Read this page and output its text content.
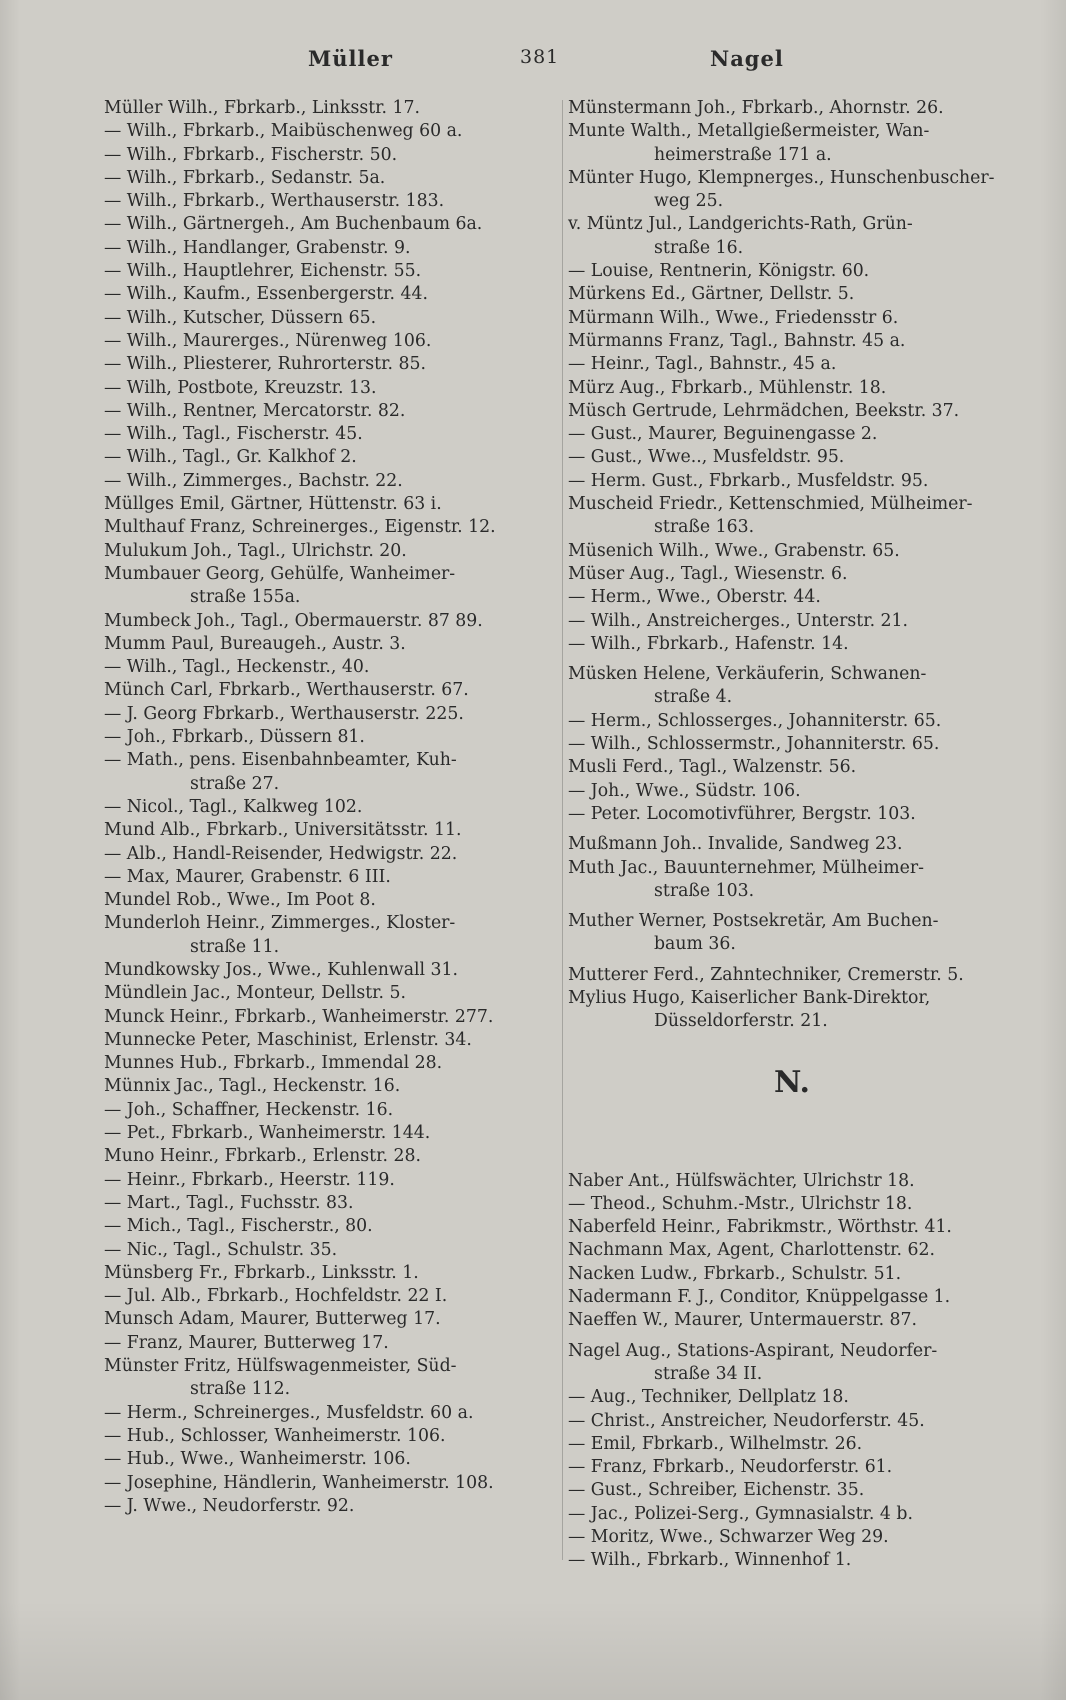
Müller	381	Nagel
Müller Wilh., Fbrkarb., Linksstr. 17.
— Wilh., Fbrkarb., Maibüschenweg 60 a.
— Wilh., Fbrkarb., Fischerstr. 50.
— Wilh., Fbrkarb., Sedanstr. 5a.
— Wilh., Fbrkarb., Werthauserstr. 183.
— Wilh., Gärtnergeh., Am Buchenbaum 6a.
— Wilh., Handlanger, Grabenstr. 9.
— Wilh., Hauptlehrer, Eichenstr. 55.
— Wilh., Kaufm., Essenbergerstr. 44.
— Wilh., Kutscher, Düssern 65.
— Wilh., Maurerges., Nürenweg 106.
— Wilh., Pliesterer, Ruhrorterstr. 85.
— Wilh, Postbote, Kreuzstr. 13.
— Wilh., Rentner, Mercatorstr. 82.
— Wilh., Tagl., Fischerstr. 45.
— Wilh., Tagl., Gr. Kalkhof 2.
— Wilh., Zimmerges., Bachstr. 22.
Müllges Emil, Gärtner, Hüttenstr. 63 i.
Multhauf Franz, Schreinerges., Eigenstr. 12.
Mulukum Joh., Tagl., Ulrichstr. 20.
Mumbauer Georg, Gehülfe, Wanheimer-
straße 155a.
Mumbeck Joh., Tagl., Obermauerstr. 87 89.
Mumm Paul, Bureaugeh., Austr. 3.
— Wilh., Tagl., Heckenstr., 40.
Münch Carl, Fbrkarb., Werthauserstr. 67.
— J. Georg Fbrkarb., Werthauserstr. 225.
— Joh., Fbrkarb., Düssern 81.
— Math., pens. Eisenbahnbeamter, Kuh-
straße 27.
— Nicol., Tagl., Kalkweg 102.
Mund Alb., Fbrkarb., Universitätsstr. 11.
— Alb., Handl-Reisender, Hedwigstr. 22.
— Max, Maurer, Grabenstr. 6 III.
Mundel Rob., Wwe., Im Poot 8.
Munderloh Heinr., Zimmerges., Kloster-
straße 11.
Mundkowsky Jos., Wwe., Kuhlenwall 31.
Mündlein Jac., Monteur, Dellstr. 5.
Munck Heinr., Fbrkarb., Wanheimerstr. 277.
Munnecke Peter, Maschinist, Erlenstr. 34.
Munnes Hub., Fbrkarb., Immendal 28.
Münnix Jac., Tagl., Heckenstr. 16.
— Joh., Schaffner, Heckenstr. 16.
— Pet., Fbrkarb., Wanheimerstr. 144.
Muno Heinr., Fbrkarb., Erlenstr. 28.
— Heinr., Fbrkarb., Heerstr. 119.
— Mart., Tagl., Fuchsstr. 83.
— Mich., Tagl., Fischerstr., 80.
— Nic., Tagl., Schulstr. 35.
Münsberg Fr., Fbrkarb., Linksstr. 1.
— Jul. Alb., Fbrkarb., Hochfeldstr. 22 I.
Munsch Adam, Maurer, Butterweg 17.
— Franz, Maurer, Butterweg 17.
Münster Fritz, Hülfswagenmeister, Süd-
straße 112.
— Herm., Schreinerges., Musfeldstr. 60 a.
— Hub., Schlosser, Wanheimerstr. 106.
— Hub., Wwe., Wanheimerstr. 106.
— Josephine, Händlerin, Wanheimerstr. 108.
— J. Wwe., Neudorferstr. 92.
Münstermann Joh., Fbrkarb., Ahornstr. 26.
Munte Walth., Metallgießermeister, Wan-
heimerstraße 171 a.
Münter Hugo, Klempnerges., Hunschenbuscher-
weg 25.
v. Müntz Jul., Landgerichts-Rath, Grün-
straße 16.
— Louise, Rentnerin, Königstr. 60.
Mürkens Ed., Gärtner, Dellstr. 5.
Mürmann Wilh., Wwe., Friedensstr 6.
Mürmanns Franz, Tagl., Bahnstr. 45 a.
— Heinr., Tagl., Bahnstr., 45 a.
Mürz Aug., Fbrkarb., Mühlenstr. 18.
Müsch Gertrude, Lehrmädchen, Beekstr. 37.
— Gust., Maurer, Beguinengasse 2.
— Gust., Wwe.., Musfeldstr. 95.
— Herm. Gust., Fbrkarb., Musfeldstr. 95.
Muscheid Friedr., Kettenschmied, Mülheimer-
straße 163.
Müsenich Wilh., Wwe., Grabenstr. 65.
Müser Aug., Tagl., Wiesenstr. 6.
— Herm., Wwe., Oberstr. 44.
— Wilh., Anstreicherges., Unterstr. 21.
— Wilh., Fbrkarb., Hafenstr. 14.
Müsken Helene, Verkäuferin, Schwanen-
straße 4.
— Herm., Schlosserges., Johanniterstr. 65.
— Wilh., Schlossermstr., Johanniterstr. 65.
Musli Ferd., Tagl., Walzenstr. 56.
— Joh., Wwe., Südstr. 106.
— Peter. Locomotivführer, Bergstr. 103.
Mußmann Joh.. Invalide, Sandweg 23.
Muth Jac., Bauunternehmer, Mülheimer-
straße 103.
Muther Werner, Postsekretär, Am Buchen-
baum 36.
Mutterer Ferd., Zahntechniker, Cremerstr. 5.
Mylius Hugo, Kaiserlicher Bank-Direktor,
Düsseldorferstr. 21.
N.
Naber Ant., Hülfswächter, Ulrichstr 18.
— Theod., Schuhm.-Mstr., Ulrichstr 18.
Naberfeld Heinr., Fabrikmstr., Wörthstr. 41.
Nachmann Max, Agent, Charlottenstr. 62.
Nacken Ludw., Fbrkarb., Schulstr. 51.
Nadermann F. J., Conditor, Knüppelgasse 1.
Naeffen W., Maurer, Untermauerstr. 87.
Nagel Aug., Stations-Aspirant, Neudorfer-
straße 34 II.
— Aug., Techniker, Dellplatz 18.
— Christ., Anstreicher, Neudorferstr. 45.
— Emil, Fbrkarb., Wilhelmstr. 26.
— Franz, Fbrkarb., Neudorferstr. 61.
— Gust., Schreiber, Eichenstr. 35.
— Jac., Polizei-Serg., Gymnasialstr. 4 b.
— Moritz, Wwe., Schwarzer Weg 29.
— Wilh., Fbrkarb., Winnenhof 1.
